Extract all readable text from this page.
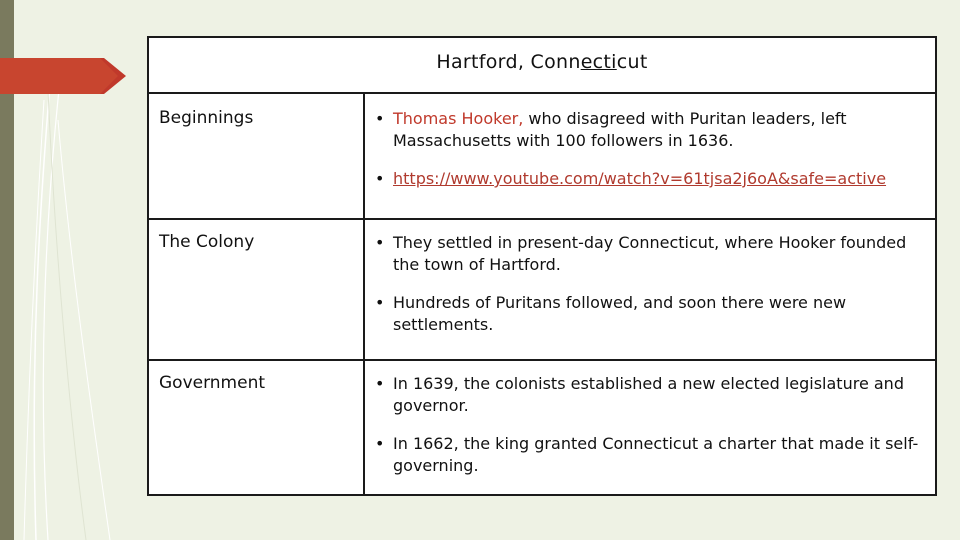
Hartford, Connecticut
Beginnings	• Thomas Hooker, who disagreed with Puritan leaders, left Massachusetts with 100 followers in 1636.
• https://www.youtube.com/watch?v=61tjsa2j6oA&safe=active
The Colony	• They settled in present-day Connecticut, where Hooker founded the town of Hartford.
• Hundreds of Puritans followed, and soon there were new settlements.
Government	• In 1639, the colonists established a new elected legislature and governor.
• In 1662, the king granted Connecticut a charter that made it self-governing.
